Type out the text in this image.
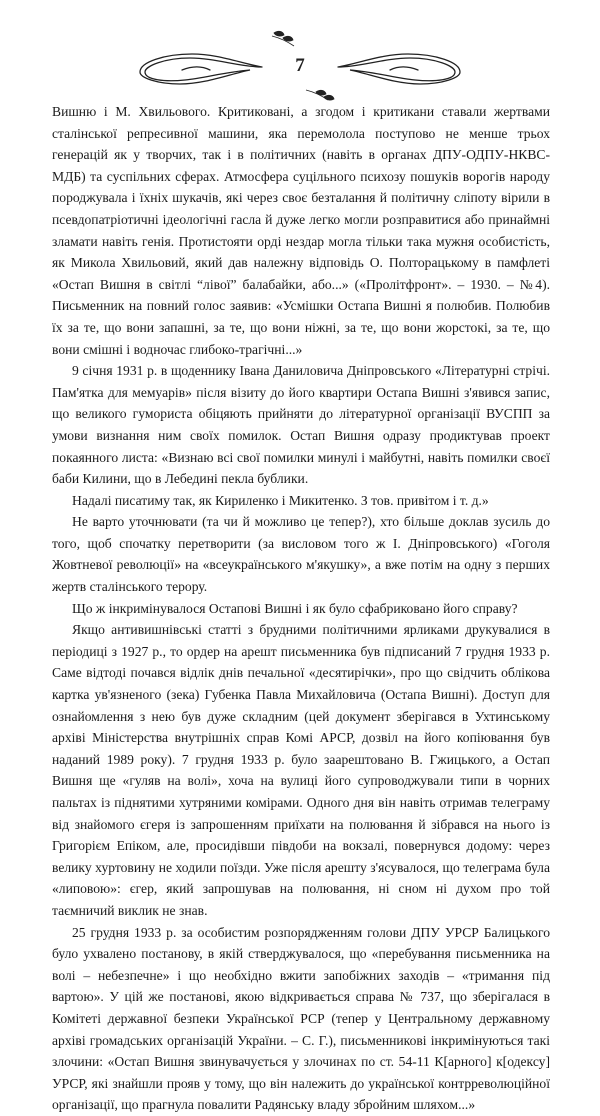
7

Вишню і М. Хвильового. Критиковані, а згодом і критикани ставали жертвами сталінської репресивної машини, яка перемолола поступово не менше трьох генерацій як у творчих, так і в політичних (навіть в органах ДПУ-ОДПУ-НКВС-МДБ) та суспільних сферах. Атмосфера суцільного психозу пошуків ворогів народу породжувала і їхніх шукачів, які через своє безталання й політичну сліпоту вірили в псевдопатріотичні ідеологічні гасла й дуже легко могли розправитися або принаймні зламати навіть генія. Протистояти орді нездар могла тільки така мужня особистість, як Микола Хвильовий, який дав належну відповідь О. Полторацькому в памфлеті «Остап Вишня в світлі “лівої” балабайки, або...» («Пролітфронт». – 1930. – №4). Письменник на повний голос заявив: «Усмішки Остапа Вишні я полюбив. Полюбив їх за те, що вони запашні, за те, що вони ніжні, за те, що вони жорстокі, за те, що вони смішні і водночас глибоко-трагічні...»

9 січня 1931 р. в щоденнику Івана Даниловича Дніпровського «Літературні стрічі. Пам'ятка для мемуарів» після візиту до його квартири Остапа Вишні з'явився запис, що великого гумориста обіцяють прийняти до літературної організації ВУСПП за умови визнання ним своїх помилок. Остап Вишня одразу продиктував проект покаянного листа: «Визнаю всі свої помилки минулі і майбутні, навіть помилки своєї баби Килини, що в Лебедині пекла бублики.

Надалі писатиму так, як Кириленко і Микитенко. З тов. привітом і т. д.»

Не варто уточнювати (та чи й можливо це тепер?), хто більше доклав зусиль до того, щоб спочатку перетворити (за висловом того ж І. Дніпровського) «Гоголя Жовтневої революції» на «всеукраїнського м'якушку», а вже потім на одну з перших жертв сталінського терору.

Що ж інкримінувалося Остапові Вишні і як було сфабриковано його справу?

Якщо антивишнівські статті з брудними політичними ярликами друкувалися в періодиці з 1927 р., то ордер на арешт письменника був підписаний 7 грудня 1933 р. Саме відтоді почався відлік днів печальної «десятирічки», про що свідчить облікова картка ув'язненого (зека) Губенка Павла Михайловича (Остапа Вишні). Доступ для ознайомлення з нею був дуже складним (цей документ зберігався в Ухтинському архіві Міністерства внутрішніх справ Комі АРСР, дозвіл на його копіювання був наданий 1989 року). 7 грудня 1933 р. було заарештовано В. Гжицького, а Остап Вишня ще «гуляв на волі», хоча на вулиці його супроводжували типи в чорних пальтах із піднятими хутряними комірами. Одного дня він навіть отримав телеграму від знайомого єгеря із запрошенням приїхати на полювання й зібрався на нього із Григорієм Епіком, але, просидівши півдоби на вокзалі, повернувся додому: через велику хуртовину не ходили поїзди. Уже після арешту з'ясувалося, що телеграма була «липовою»: єгер, який запрошував на полювання, ні сном ні духом про той таємничий виклик не знав.

25 грудня 1933 р. за особистим розпорядженням голови ДПУ УРСР Балицького було ухвалено постанову, в якій стверджувалося, що «перебування письменника на волі – небезпечне» і що необхідно вжити запобіжних заходів – «тримання під вартою». У цій же постанові, якою відкривається справа № 737, що зберігалася в Комітеті державної безпеки Української РСР (тепер у Центральному державному архіві громадських організацій України. – С. Г.), письменникові інкримінуються такі злочини: «Остап Вишня звинувачується у злочинах по ст. 54-11 К[арного] к[одексу] УРСР, які знайшли прояв у тому, що він належить до української контрреволюційної організації, що прагнула повалити Радянську владу збройним шляхом...»
